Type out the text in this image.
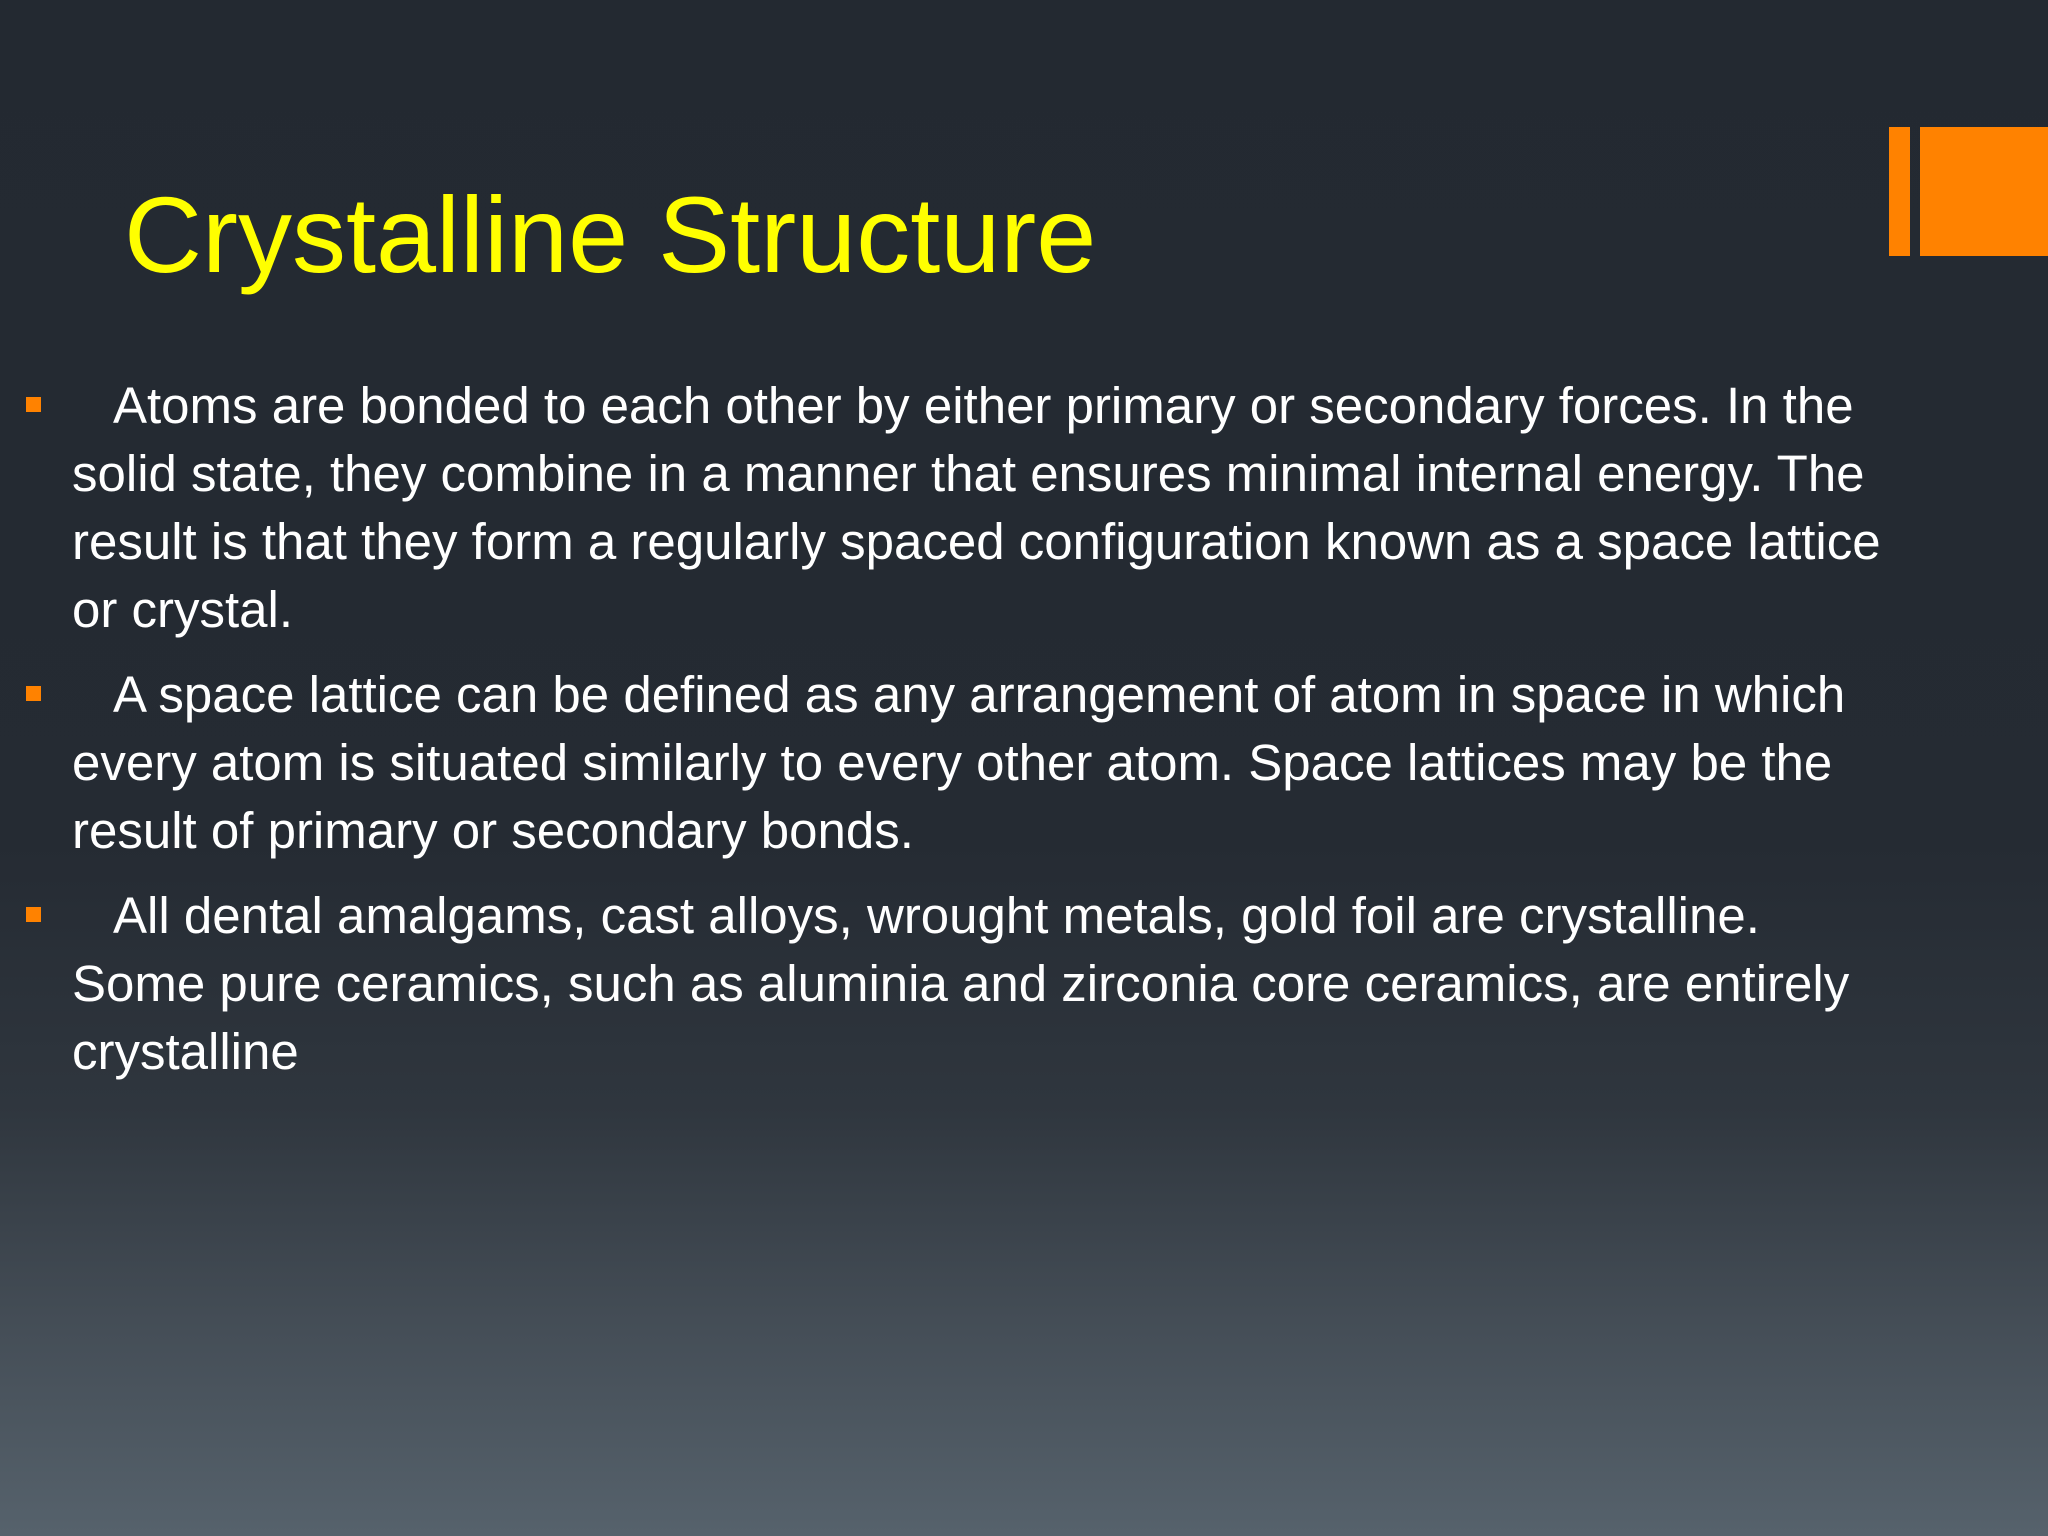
Crystalline Structure
Atoms are bonded to each other by either primary or secondary forces. In the solid state, they combine in a manner that ensures minimal internal energy. The result is that they form a regularly spaced configuration known as a space lattice or crystal.
A space lattice can be defined as any arrangement of atom in space in which every atom is situated similarly to every other atom. Space lattices may be the result of primary or secondary bonds.
All dental amalgams, cast alloys, wrought metals, gold foil are crystalline. Some pure ceramics, such as aluminia and zirconia core ceramics, are entirely crystalline
